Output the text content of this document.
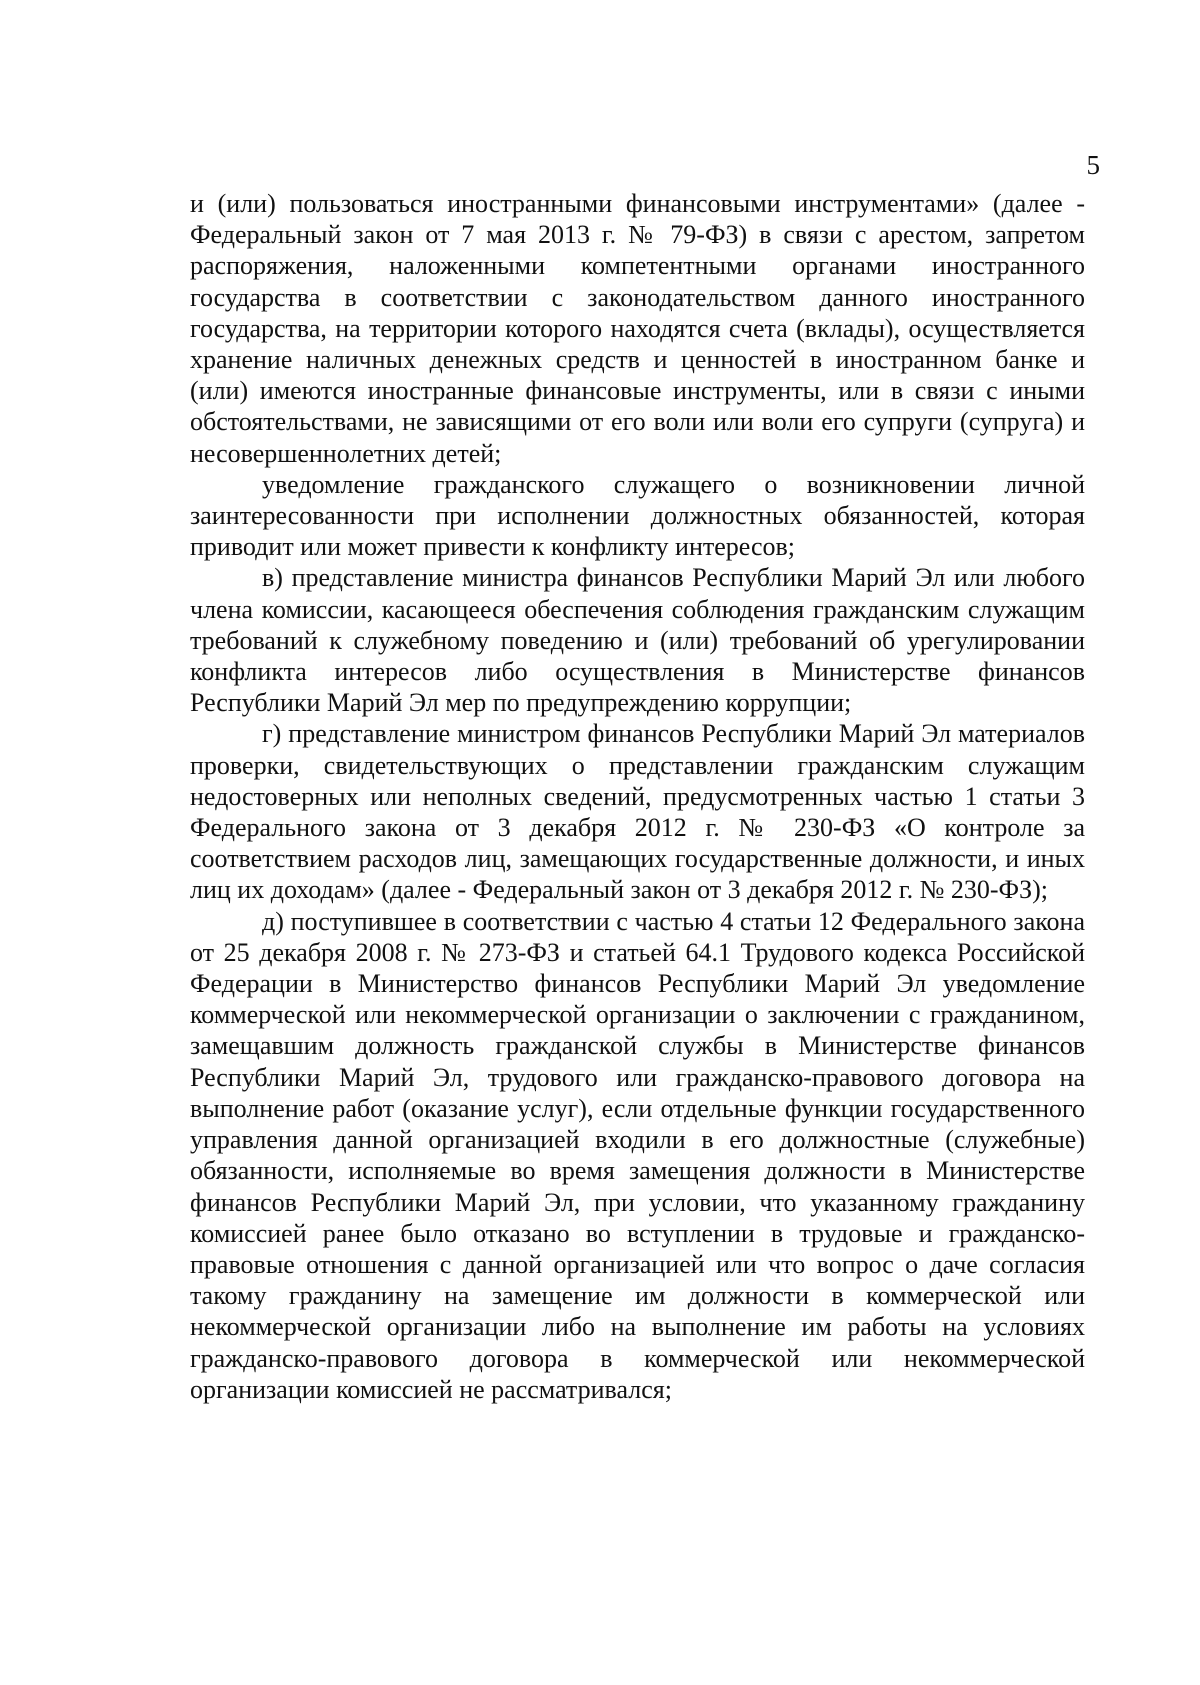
5

и (или) пользоваться иностранными финансовыми инструментами» (далее - Федеральный закон от 7 мая 2013 г. № 79-ФЗ) в связи с арестом, запретом распоряжения, наложенными компетентными органами иностранного государства в соответствии с законодательством данного иностранного государства, на территории которого находятся счета (вклады), осуществляется хранение наличных денежных средств и ценностей в иностранном банке и (или) имеются иностранные финансовые инструменты, или в связи с иными обстоятельствами, не зависящими от его воли или воли его супруги (супруга) и несовершеннолетних детей;

уведомление гражданского служащего о возникновении личной заинтересованности при исполнении должностных обязанностей, которая приводит или может привести к конфликту интересов;

в) представление министра финансов Республики Марий Эл или любого члена комиссии, касающееся обеспечения соблюдения гражданским служащим требований к служебному поведению и (или) требований об урегулировании конфликта интересов либо осуществления в Министерстве финансов Республики Марий Эл мер по предупреждению коррупции;

г) представление министром финансов Республики Марий Эл материалов проверки, свидетельствующих о представлении гражданским служащим недостоверных или неполных сведений, предусмотренных частью 1 статьи 3 Федерального закона от 3 декабря 2012 г. № 230-ФЗ «О контроле за соответствием расходов лиц, замещающих государственные должности, и иных лиц их доходам» (далее - Федеральный закон от 3 декабря 2012 г. № 230-ФЗ);

д) поступившее в соответствии с частью 4 статьи 12 Федерального закона от 25 декабря 2008 г. № 273-ФЗ и статьей 64.1 Трудового кодекса Российской Федерации в Министерство финансов Республики Марий Эл уведомление коммерческой или некоммерческой организации о заключении с гражданином, замещавшим должность гражданской службы в Министерстве финансов Республики Марий Эл, трудового или гражданско-правового договора на выполнение работ (оказание услуг), если отдельные функции государственного управления данной организацией входили в его должностные (служебные) обязанности, исполняемые во время замещения должности в Министерстве финансов Республики Марий Эл, при условии, что указанному гражданину комиссией ранее было отказано во вступлении в трудовые и гражданско-правовые отношения с данной организацией или что вопрос о даче согласия такому гражданину на замещение им должности в коммерческой или некоммерческой организации либо на выполнение им работы на условиях гражданско-правового договора в коммерческой или некоммерческой организации комиссией не рассматривался;
